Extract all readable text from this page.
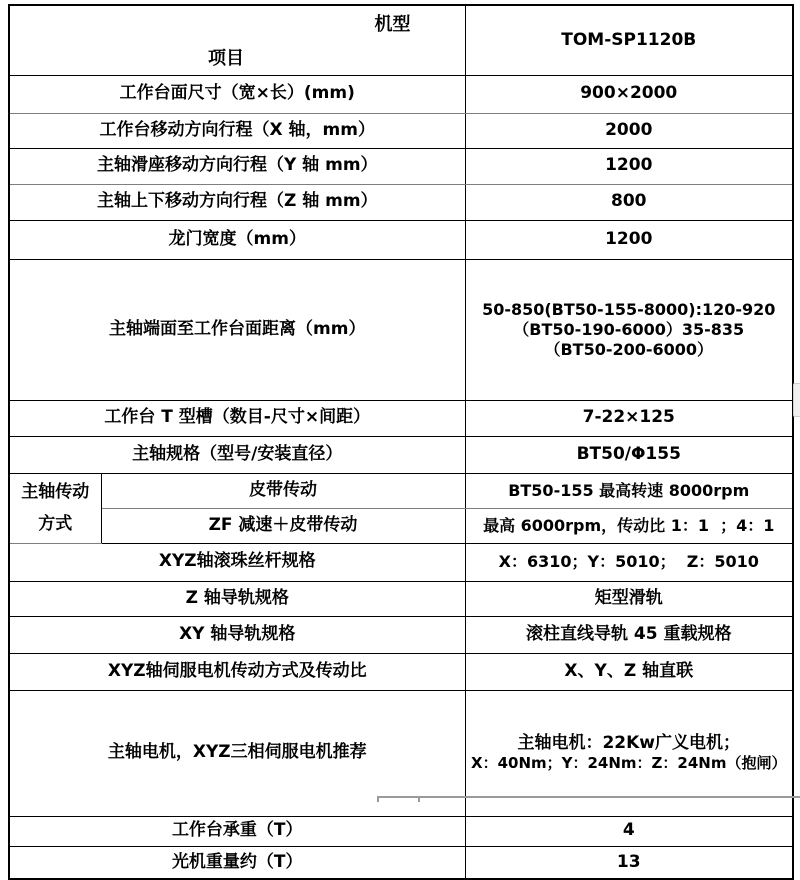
机型
项目		TOM-SP1120B
工作台面尺寸（宽×长）(mm)		900×2000
工作台移动方向行程（X 轴，mm）		2000
主轴滑座移动方向行程（Y 轴 mm）		1200
主轴上下移动方向行程（Z 轴 mm）		800
龙门宽度（mm）		1200
主轴端面至工作台面距离（mm）		50-850(BT50-155-8000):120-920
（BT50-190-6000）35-835
（BT50-200-6000）

工作台 T 型槽（数目-尺寸×间距）		7-22×125
主轴规格（型号/安装直径）		BT50/Φ155

主轴传动
方式	皮带传动	BT50-155 最高转速 8000rpm
	ZF 减速＋皮带传动	最高 6000rpm，传动比 1：1  ；4：1
XYZ轴滚珠丝杆规格		X：6310；Y：5010；  Z：5010
Z 轴导轨规格		矩型滑轨
XY 轴导轨规格		滚柱直线导轨 45 重载规格
XYZ轴伺服电机传动方式及传动比		X、Y、Z 轴直联
主轴电机，XYZ三相伺服电机推荐		主轴电机：22Kw广义电机；
X：40Nm；Y：24Nm：Z：24Nm（抱闸）

工作台承重（T）		4
光机重量约（T）		13
